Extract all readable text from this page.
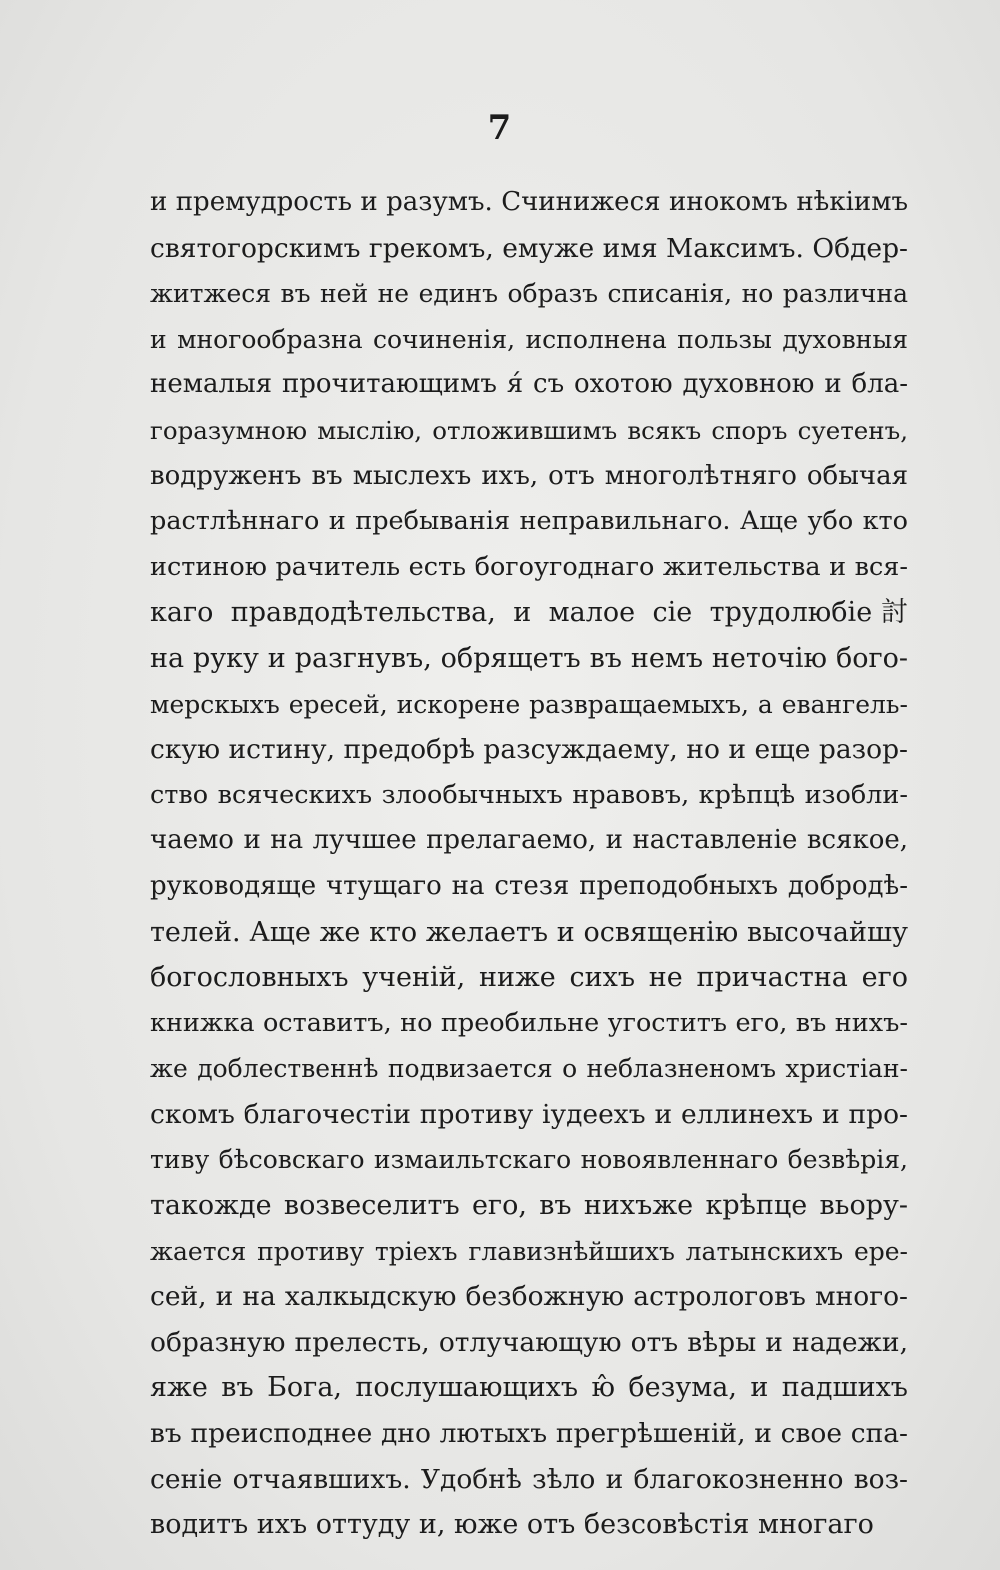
7
и премудрость и разумъ. Счинижеся инокомъ нѣкіимъ
святогорскимъ грекомъ, емуже имя Максимъ. Обдер-
житжеся въ ней не единъ образъ списанія, но различна
и многообразна сочиненія, исполнена пользы духовныя
немалыя прочитающимъ я́ съ охотою духовною и бла-
горазумною мыслію, отложившимъ всякъ споръ суетенъ,
водруженъ въ мыслехъ ихъ, отъ многолѣтняго обычая
растлѣннаго и пребыванія неправильнаго. Аще убо кто
истиною рачитель есть богоугоднаго жительства и вся-
каго правдодѣтельства, и малое сіе трудолюбіе討
на руку и разгнувъ, обрящетъ въ немъ неточію бого-
мерскыхъ ересей, искорене развращаемыхъ, а евангель-
скую истину, предобрѣ разсуждаему, но и еще разор-
ство всяческихъ злообычныхъ нравовъ, крѣпцѣ изобли-
чаемо и на лучшее прелагаемо, и наставленіе всякое,
руководяще чтущаго на стезя преподобныхъ добродѣ-
телей. Аще же кто желаетъ и освященію высочайшу
богословныхъ ученій, ниже сихъ не причастна его
книжка оставитъ, но преобильне угоститъ его, въ нихъ-
же доблественнѣ подвизается о неблазненомъ христіан-
скомъ благочестіи противу іудеехъ и еллинехъ и про-
тиву бѣсовскаго измаильтскаго новоявленнаго безвѣрія,
такожде возвеселитъ его, въ нихъже крѣпце вьору-
жается противу тріехъ главизнѣйшихъ латынскихъ ере-
сей, и на халкыдскую безбожную астрологовъ много-
образную прелесть, отлучающую отъ вѣры и надежи,
яже въ Бога, послушающихъ ю̂ безума, и падшихъ
въ преисподнее дно лютыхъ прегрѣшеній, и свое спа-
сеніе отчаявшихъ. Удобнѣ зѣло и благокозненно воз-
водитъ ихъ оттуду и, юже отъ безсовѣстія многаго
